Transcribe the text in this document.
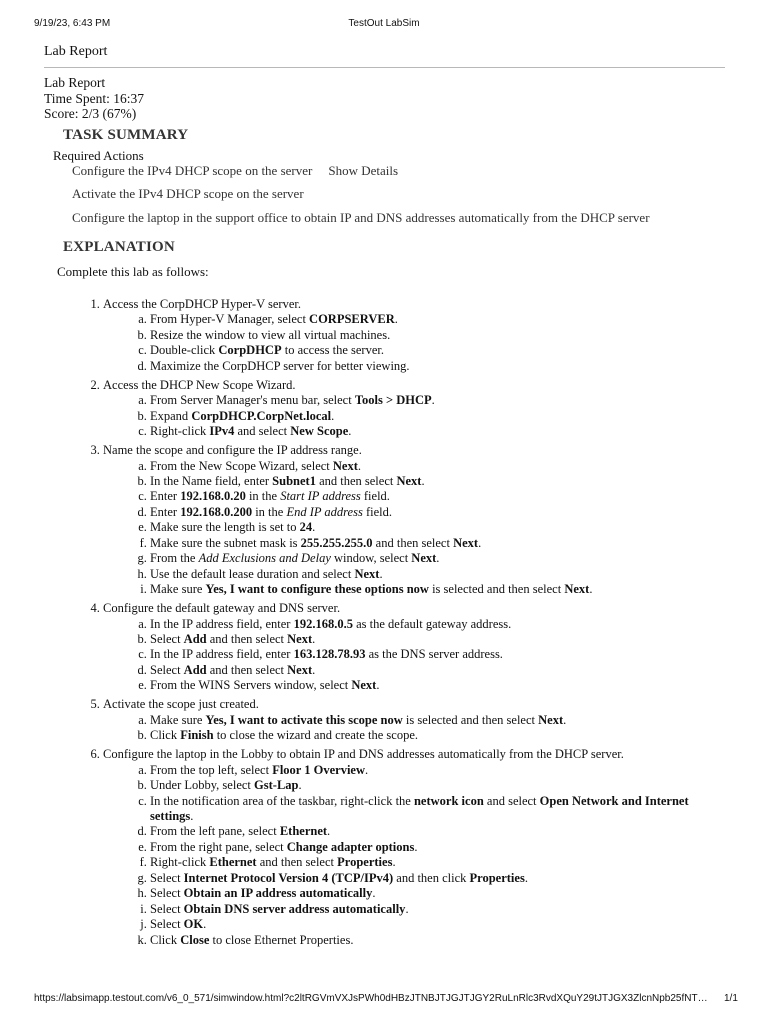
9/19/23, 6:43 PM	TestOut LabSim
Lab Report
Lab Report
Time Spent: 16:37
Score: 2/3 (67%)
TASK SUMMARY
Required Actions
Configure the IPv4 DHCP scope on the server Show Details
Activate the IPv4 DHCP scope on the server
Configure the laptop in the support office to obtain IP and DNS addresses automatically from the DHCP server
EXPLANATION
Complete this lab as follows:
1. Access the CorpDHCP Hyper-V server.
a. From Hyper-V Manager, select CORPSERVER.
b. Resize the window to view all virtual machines.
c. Double-click CorpDHCP to access the server.
d. Maximize the CorpDHCP server for better viewing.
2. Access the DHCP New Scope Wizard.
a. From Server Manager's menu bar, select Tools > DHCP.
b. Expand CorpDHCP.CorpNet.local.
c. Right-click IPv4 and select New Scope.
3. Name the scope and configure the IP address range.
a. From the New Scope Wizard, select Next.
b. In the Name field, enter Subnet1 and then select Next.
c. Enter 192.168.0.20 in the Start IP address field.
d. Enter 192.168.0.200 in the End IP address field.
e. Make sure the length is set to 24.
f. Make sure the subnet mask is 255.255.255.0 and then select Next.
g. From the Add Exclusions and Delay window, select Next.
h. Use the default lease duration and select Next.
i. Make sure Yes, I want to configure these options now is selected and then select Next.
4. Configure the default gateway and DNS server.
a. In the IP address field, enter 192.168.0.5 as the default gateway address.
b. Select Add and then select Next.
c. In the IP address field, enter 163.128.78.93 as the DNS server address.
d. Select Add and then select Next.
e. From the WINS Servers window, select Next.
5. Activate the scope just created.
a. Make sure Yes, I want to activate this scope now is selected and then select Next.
b. Click Finish to close the wizard and create the scope.
6. Configure the laptop in the Lobby to obtain IP and DNS addresses automatically from the DHCP server.
a. From the top left, select Floor 1 Overview.
b. Under Lobby, select Gst-Lap.
c. In the notification area of the taskbar, right-click the network icon and select Open Network and Internet settings.
d. From the left pane, select Ethernet.
e. From the right pane, select Change adapter options.
f. Right-click Ethernet and then select Properties.
g. Select Internet Protocol Version 4 (TCP/IPv4) and then click Properties.
h. Select Obtain an IP address automatically.
i. Select Obtain DNS server address automatically.
j. Select OK.
k. Click Close to close Ethernet Properties.
https://labsimapp.testout.com/v6_0_571/simwindow.html?c2ltRGVmVXJsPWh0dHBzJTNBJTJGJTJGY2RuLnRlc3RvdXQuY29tJTJGX3ZlcnNpb25fNT…	1/1
